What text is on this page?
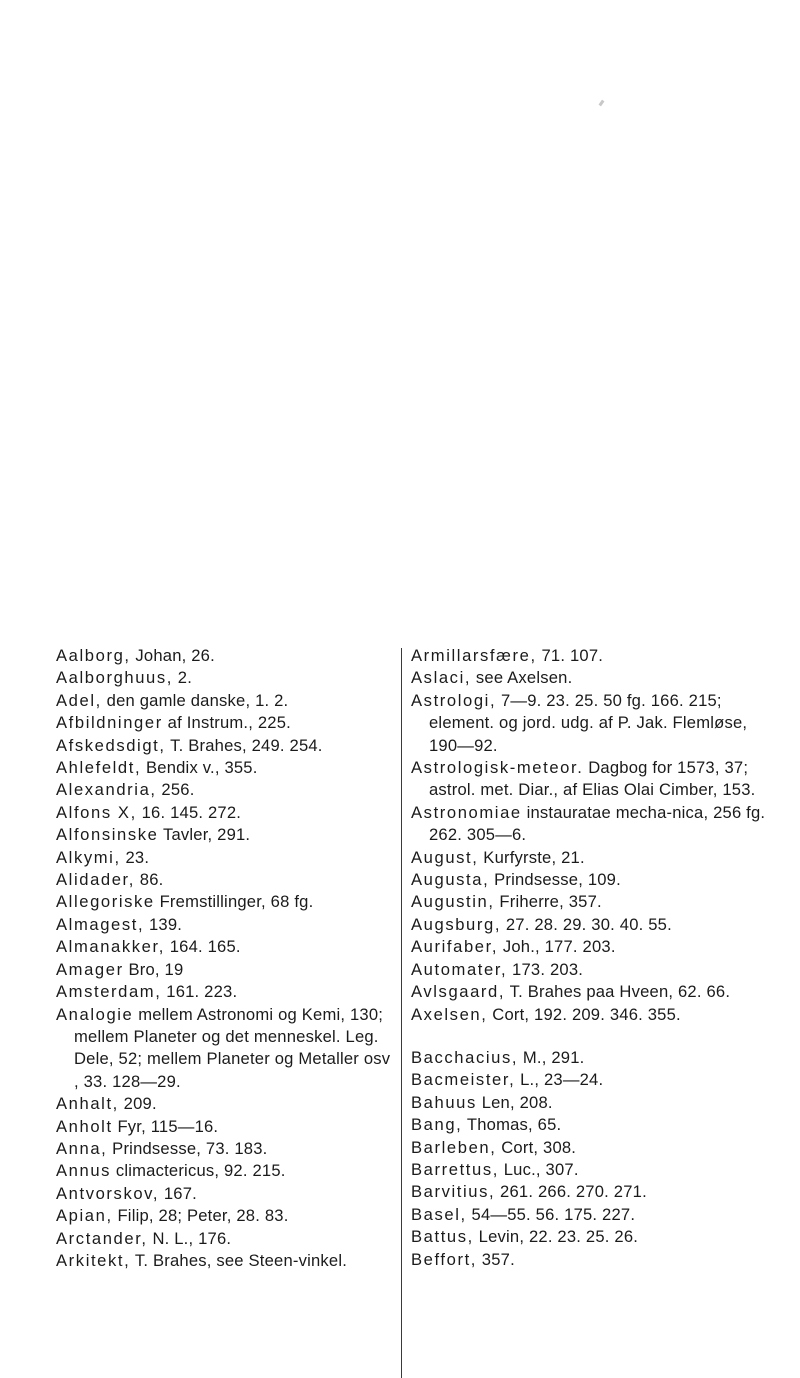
Aalborg, Johan, 26.
Aalborghuus, 2.
Adel, den gamle danske, 1. 2.
Afbildninger af Instrum., 225.
Afskedsdigt, T. Brahes, 249. 254.
Ahlefeldt, Bendix v., 355.
Alexandria, 256.
Alfons X, 16. 145. 272.
Alfonsinske Tavler, 291.
Alkymi, 23.
Alidader, 86.
Allegoriske Fremstillinger, 68 fg.
Almagest, 139.
Almanakker, 164. 165.
Amager Bro, 19
Amsterdam, 161. 223.
Analogie mellem Astronomi og Kemi, 130; mellem Planeter og det menneskel. Leg. Dele, 52; mellem Planeter og Metaller osv , 33. 128—29.
Anhalt, 209.
Anholt Fyr, 115—16.
Anna, Prindsesse, 73. 183.
Annus climactericus, 92. 215.
Antvorskov, 167.
Apian, Filip, 28; Peter, 28. 83.
Arctander, N. L., 176.
Arkitekt, T. Brahes, see Steen-vinkel.
Armillarsfære, 71. 107.
Aslaci, see Axelsen.
Astrologi, 7—9. 23. 25. 50 fg. 166. 215; element. og jord. udg. af P. Jak. Flemløse, 190—92.
Astrologisk-meteor. Dagbog for 1573, 37; astrol. met. Diar., af Elias Olai Cimber, 153.
Astronomiae instauratae mecha-nica, 256 fg. 262. 305—6.
August, Kurfyrste, 21.
Augusta, Prindsesse, 109.
Augustin, Friherre, 357.
Augsburg, 27. 28. 29. 30. 40. 55.
Aurifaber, Joh., 177. 203.
Automater, 173. 203.
Avlsgaard, T. Brahes paa Hveen, 62. 66.
Axelsen, Cort, 192. 209. 346. 355.
Bacchacius, M., 291.
Bacmeister, L., 23—24.
Bahuus Len, 208.
Bang, Thomas, 65.
Barleben, Cort, 308.
Barrettus, Luc., 307.
Barvitius, 261. 266. 270. 271.
Basel, 54—55. 56. 175. 227.
Battus, Levin, 22. 23. 25. 26.
Beffort, 357.
